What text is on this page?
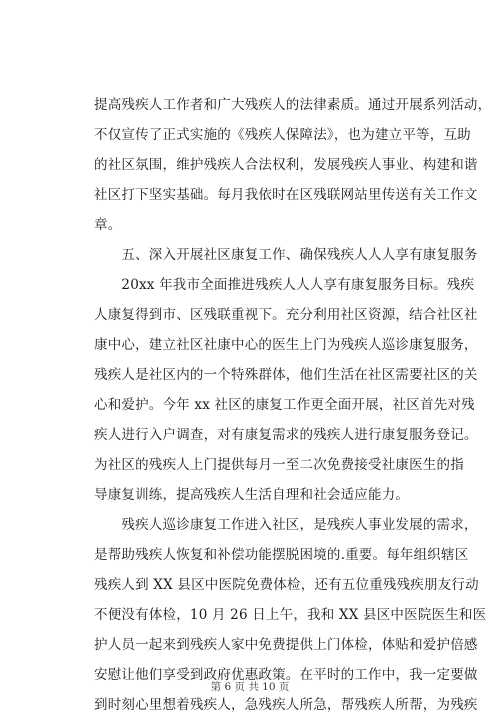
提高残疾人工作者和广大残疾人的法律素质。通过开展系列活动，
不仅宣传了正式实施的《残疾人保障法》，也为建立平等，互助
的社区氛围，维护残疾人合法权利，发展残疾人事业、构建和谐
社区打下坚实基础。每月我依时在区残联网站里传送有关工作文
章。
　　五、深入开展社区康复工作、确保残疾人人人享有康复服务
　　20xx 年我市全面推进残疾人人人享有康复服务目标。残疾
人康复得到市、区残联重视下。充分利用社区资源，结合社区社
康中心，建立社区社康中心的医生上门为残疾人巡诊康复服务，
残疾人是社区内的一个特殊群体，他们生活在社区需要社区的关
心和爱护。今年 xx 社区的康复工作更全面开展，社区首先对残
疾人进行入户调查，对有康复需求的残疾人进行康复服务登记。
为社区的残疾人上门提供每月一至二次免费接受社康医生的指
导康复训练，提高残疾人生活自理和社会适应能力。
　　残疾人巡诊康复工作进入社区，是残疾人事业发展的需求，
是帮助残疾人恢复和补偿功能摆脱困境的.重要。每年组织辖区
残疾人到 XX 县区中医院免费体检，还有五位重残残疾朋友行动
不便没有体检，10 月 26 日上午，我和 XX 县区中医院医生和医
护人员一起来到残疾人家中免费提供上门体检，体贴和爱护倍感
安慰让他们享受到政府优惠政策。在平时的工作中，我一定要做
到时刻心里想着残疾人，急残疾人所急，帮残疾人所帮，为残疾
第 6 页 共 10 页
